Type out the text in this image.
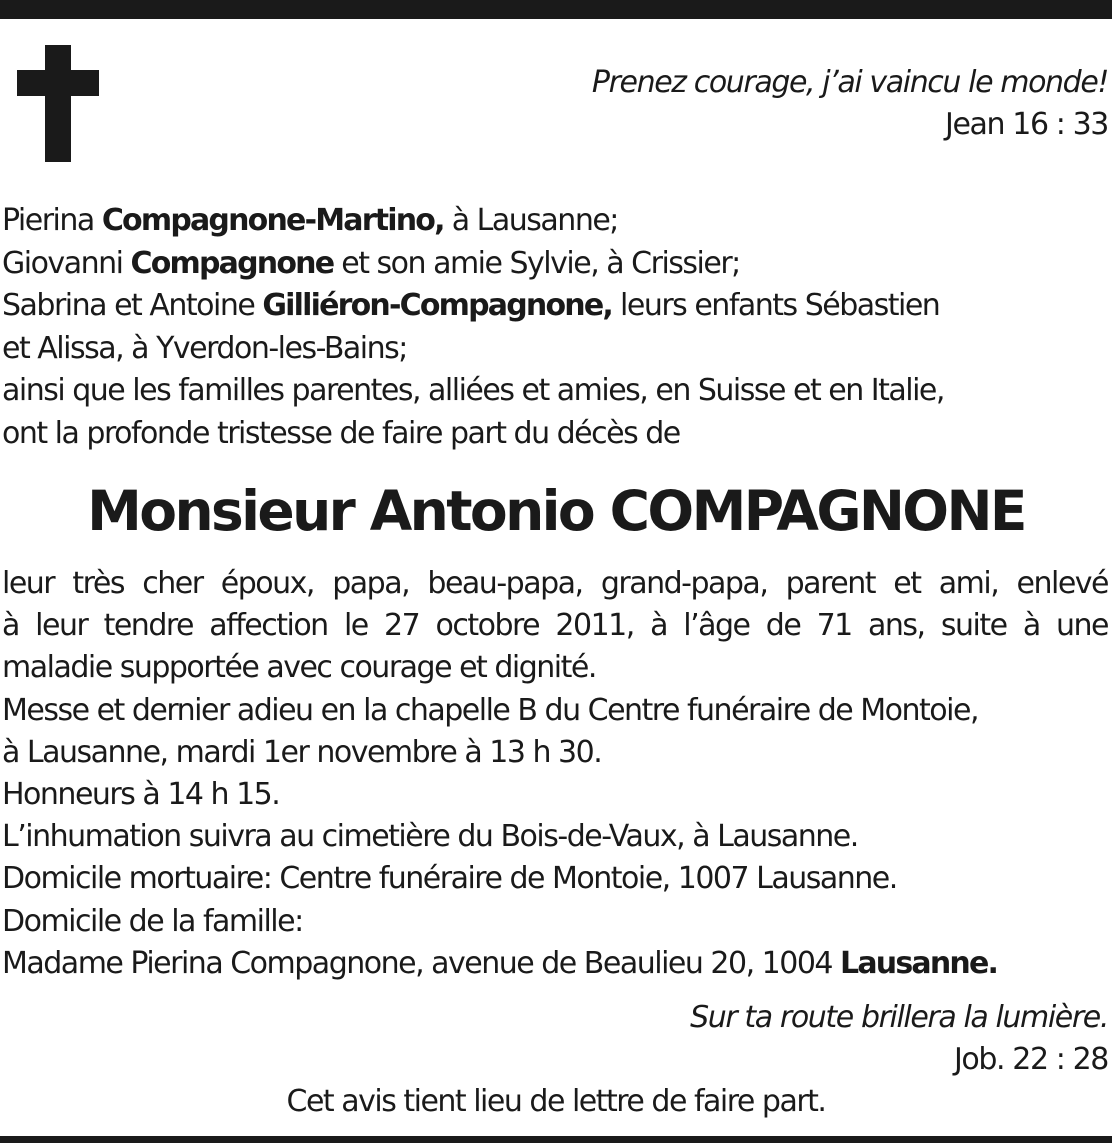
Prenez courage, j’ai vaincu le monde!
Jean 16 : 33
Pierina Compagnone-Martino, à Lausanne;
Giovanni Compagnone et son amie Sylvie, à Crissier;
Sabrina et Antoine Gilliéron-Compagnone, leurs enfants Sébastien
et Alissa, à Yverdon-les-Bains;
ainsi que les familles parentes, alliées et amies, en Suisse et en Italie,
ont la profonde tristesse de faire part du décès de
Monsieur Antonio COMPAGNONE
leur très cher époux, papa, beau-papa, grand-papa, parent et ami, enlevé
à leur tendre affection le 27 octobre 2011, à l’âge de 71 ans, suite à une
maladie supportée avec courage et dignité.
Messe et dernier adieu en la chapelle B du Centre funéraire de Montoie,
à Lausanne, mardi 1er novembre à 13 h 30.
Honneurs à 14 h 15.
L’inhumation suivra au cimetière du Bois-de-Vaux, à Lausanne.
Domicile mortuaire: Centre funéraire de Montoie, 1007 Lausanne.
Domicile de la famille:
Madame Pierina Compagnone, avenue de Beaulieu 20, 1004 Lausanne.
Sur ta route brillera la lumière.
Job. 22 : 28
Cet avis tient lieu de lettre de faire part.
